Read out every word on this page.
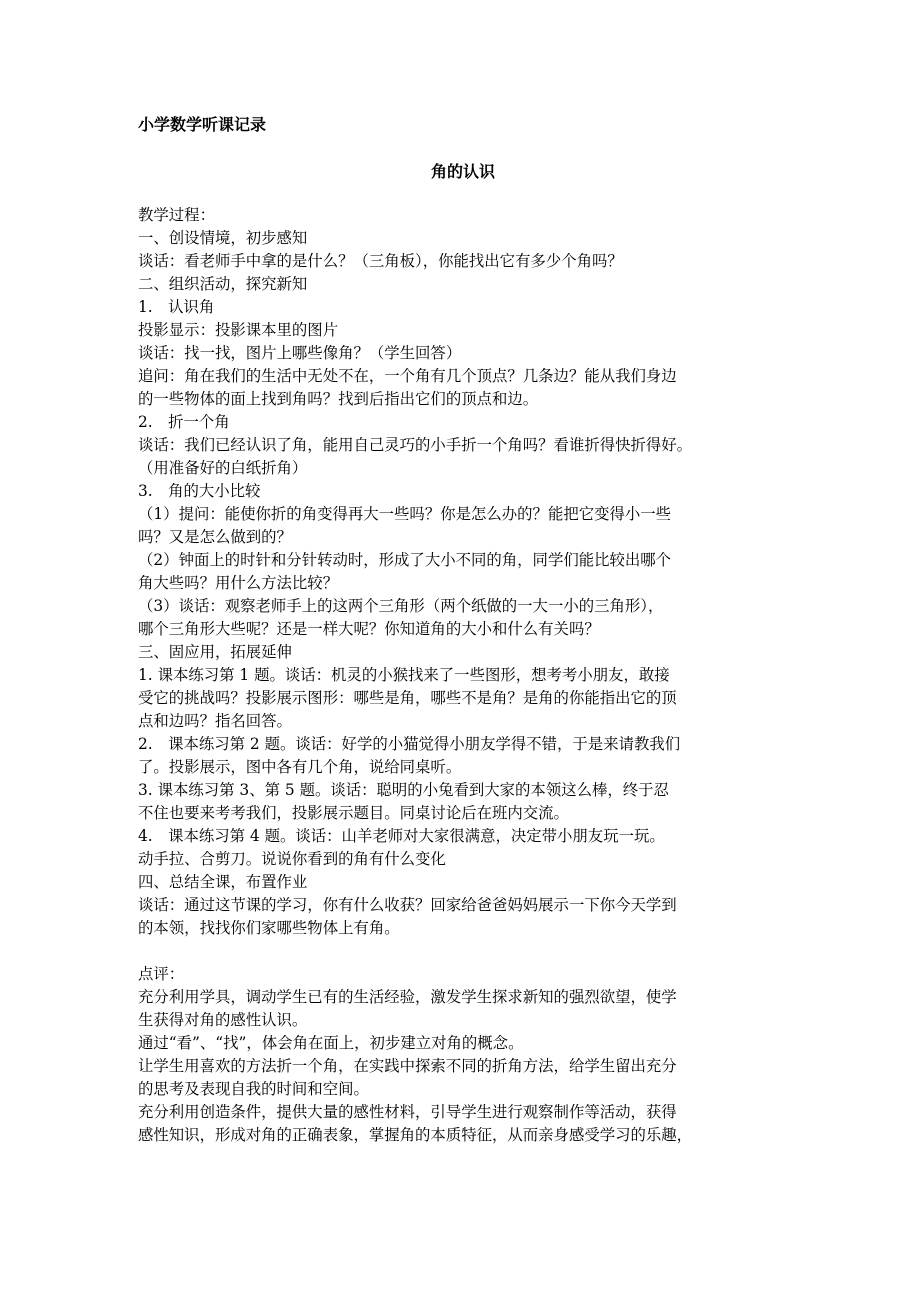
小学数学听课记录
角的认识
教学过程：
一、创设情境，初步感知
谈话：看老师手中拿的是什么？（三角板），你能找出它有多少个角吗？
二、组织活动，探究新知
1.　认识角
投影显示：投影课本里的图片
谈话：找一找，图片上哪些像角？（学生回答）
追问：角在我们的生活中无处不在，一个角有几个顶点？几条边？能从我们身边
的一些物体的面上找到角吗？找到后指出它们的顶点和边。
2.　折一个角
谈话：我们已经认识了角，能用自己灵巧的小手折一个角吗？看谁折得快折得好。
（用准备好的白纸折角）
3.　角的大小比较
（1）提问：能使你折的角变得再大一些吗？你是怎么办的？能把它变得小一些
吗？又是怎么做到的？
（2）钟面上的时针和分针转动时，形成了大小不同的角，同学们能比较出哪个
角大些吗？用什么方法比较？
（3）谈话：观察老师手上的这两个三角形（两个纸做的一大一小的三角形），
哪个三角形大些呢？还是一样大呢？你知道角的大小和什么有关吗？
三、固应用，拓展延伸
1. 课本练习第 1 题。谈话：机灵的小猴找来了一些图形，想考考小朋友，敢接
受它的挑战吗？投影展示图形：哪些是角，哪些不是角？是角的你能指出它的顶
点和边吗？指名回答。
2.　课本练习第 2 题。谈话：好学的小猫觉得小朋友学得不错，于是来请教我们
了。投影展示，图中各有几个角，说给同桌听。
3. 课本练习第 3、第 5 题。谈话：聪明的小兔看到大家的本领这么棒，终于忍
不住也要来考考我们，投影展示题目。同桌讨论后在班内交流。
4.　课本练习第 4 题。谈话：山羊老师对大家很满意，决定带小朋友玩一玩。
动手拉、合剪刀。说说你看到的角有什么变化
四、总结全课，布置作业
谈话：通过这节课的学习，你有什么收获？回家给爸爸妈妈展示一下你今天学到
的本领，找找你们家哪些物体上有角。
点评：
充分利用学具，调动学生已有的生活经验，激发学生探求新知的强烈欲望，使学
生获得对角的感性认识。
通过“看”、“找”，体会角在面上，初步建立对角的概念。
让学生用喜欢的方法折一个角，在实践中探索不同的折角方法，给学生留出充分
的思考及表现自我的时间和空间。
充分利用创造条件，提供大量的感性材料，引导学生进行观察制作等活动，获得
感性知识，形成对角的正确表象，掌握角的本质特征，从而亲身感受学习的乐趣，
